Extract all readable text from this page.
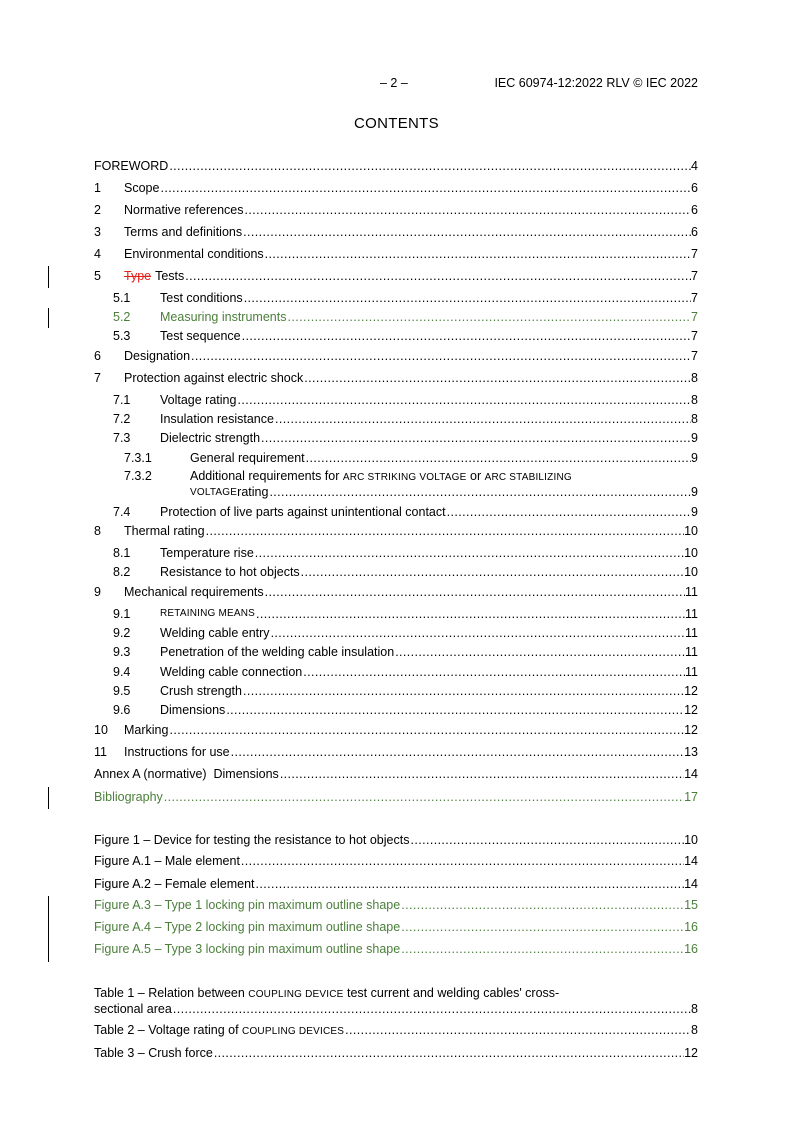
– 2 –	IEC 60974-12:2022 RLV © IEC 2022
CONTENTS
FOREWORD .....	4
1 Scope .....	6
2 Normative references .....	6
3 Terms and definitions .....	6
4 Environmental conditions .....	7
5 Type Tests .....	7
5.1 Test conditions .....	7
5.2 Measuring instruments .....	7
5.3 Test sequence .....	7
6 Designation .....	7
7 Protection against electric shock .....	8
7.1 Voltage rating .....	8
7.2 Insulation resistance .....	8
7.3 Dielectric strength .....	9
7.3.1	General requirement .....	9
7.3.2	Additional requirements for ARC STRIKING VOLTAGE or ARC STABILIZING
VOLTAGE rating .....	9
7.4 Protection of live parts against unintentional contact .....	9
8 Thermal rating .....	10
8.1 Temperature rise .....	10
8.2 Resistance to hot objects .....	10
9 Mechanical requirements .....	11
9.1	RETAINING MEANS .....	11
9.2 Welding cable entry .....	11
9.3 Penetration of the welding cable insulation .....	11
9.4 Welding cable connection .....	11
9.5 Crush strength .....	12
9.6 Dimensions .....	12
10 Marking .....	12
11 Instructions for use .....	13
Annex A (normative)  Dimensions .....	14
Bibliography .....	17
Figure 1 – Device for testing the resistance to hot objects .....	10
Figure A.1 – Male element .....	14
Figure A.2 – Female element .....	14
Figure A.3 – Type 1 locking pin maximum outline shape .....	15
Figure A.4 – Type 2 locking pin maximum outline shape .....	16
Figure A.5 – Type 3 locking pin maximum outline shape .....	16
Table 1 – Relation between COUPLING DEVICE test current and welding cables' cross-
sectional area .....	8
Table 2 – Voltage rating of COUPLING DEVICES .....	8
Table 3 – Crush force .....	12
